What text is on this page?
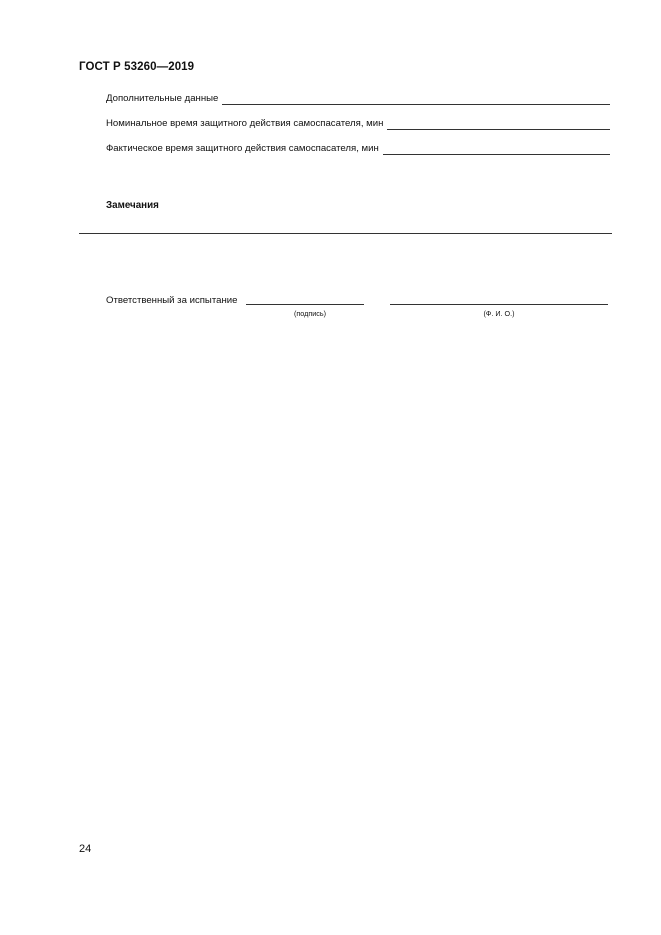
ГОСТ Р 53260—2019
Дополнительные данные
Номинальное время защитного действия самоспасателя, мин
Фактическое время защитного действия самоспасателя, мин
Замечания
Ответственный за испытание
(подпись)	(Ф. И. О.)
24
